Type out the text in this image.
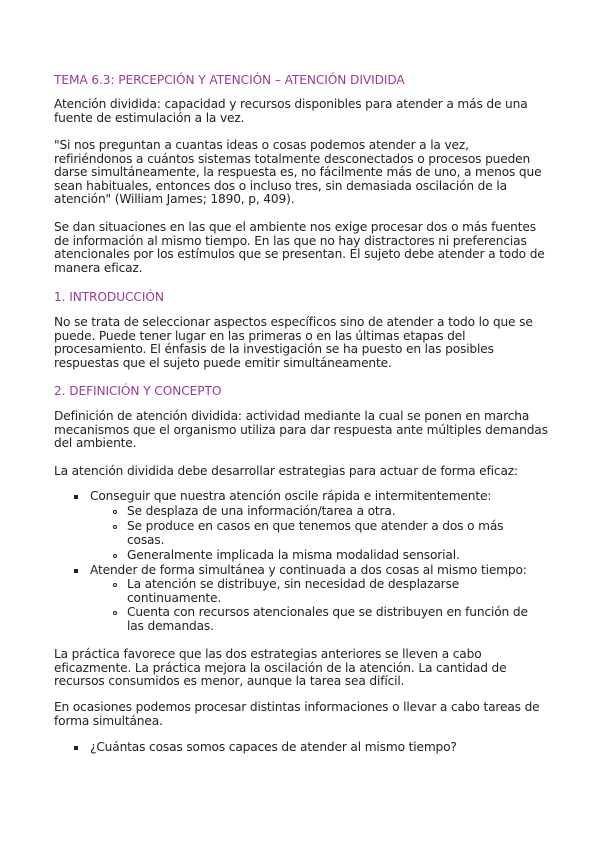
TEMA 6.3: PERCEPCIÓN Y ATENCIÓN – ATENCIÓN DIVIDIDA
Atención dividida: capacidad y recursos disponibles para atender a más de una fuente de estimulación a la vez.
"Si nos preguntan a cuantas ideas o cosas podemos atender a la vez, refiriéndonos a cuántos sistemas totalmente desconectados o procesos pueden darse simultáneamente, la respuesta es, no fácilmente más de uno, a menos que sean habituales, entonces dos o incluso tres, sin demasiada oscilación de la atención" (William James; 1890, p, 409).
Se dan situaciones en las que el ambiente nos exige procesar dos o más fuentes de información al mismo tiempo. En las que no hay distractores ni preferencias atencionales por los estímulos que se presentan. El sujeto debe atender a todo de manera eficaz.
1. INTRODUCCIÓN
No se trata de seleccionar aspectos específicos sino de atender a todo lo que se puede. Puede tener lugar en las primeras o en las últimas etapas del procesamiento. El énfasis de la investigación se ha puesto en las posibles respuestas que el sujeto puede emitir simultáneamente.
2. DEFINICIÓN Y CONCEPTO
Definición de atención dividida: actividad mediante la cual se ponen en marcha mecanismos que el organismo utiliza para dar respuesta ante múltiples demandas del ambiente.
La atención dividida debe desarrollar estrategias para actuar de forma eficaz:
Conseguir que nuestra atención oscile rápida e intermitentemente:
Se desplaza de una información/tarea a otra.
Se produce en casos en que tenemos que atender a dos o más cosas.
Generalmente implicada la misma modalidad sensorial.
Atender de forma simultánea y continuada a dos cosas al mismo tiempo:
La atención se distribuye, sin necesidad de desplazarse continuamente.
Cuenta con recursos atencionales que se distribuyen en función de las demandas.
La práctica favorece que las dos estrategias anteriores se lleven a cabo eficazmente. La práctica mejora la oscilación de la atención. La cantidad de recursos consumidos es menor, aunque la tarea sea difícil.
En ocasiones podemos procesar distintas informaciones o llevar a cabo tareas de forma simultánea.
¿Cuántas cosas somos capaces de atender al mismo tiempo?
